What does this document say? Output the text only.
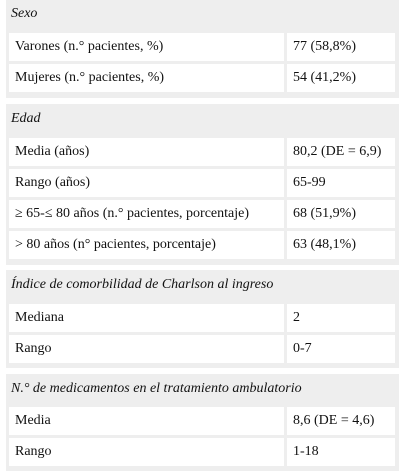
Sexo
Varones (n.° pacientes, %)	77 (58,8%)
Mujeres (n.° pacientes, %)	54 (41,2%)
Edad
Media (años)	80,2 (DE = 6,9)
Rango (años)	65-99
≥ 65-≤ 80 años (n.° pacientes, porcentaje)	68 (51,9%)
> 80 años (n° pacientes, porcentaje)	63 (48,1%)
Índice de comorbilidad de Charlson al ingreso
Mediana	2
Rango	0-7
N.° de medicamentos en el tratamiento ambulatorio
Media	8,6 (DE = 4,6)
Rango	1-18
